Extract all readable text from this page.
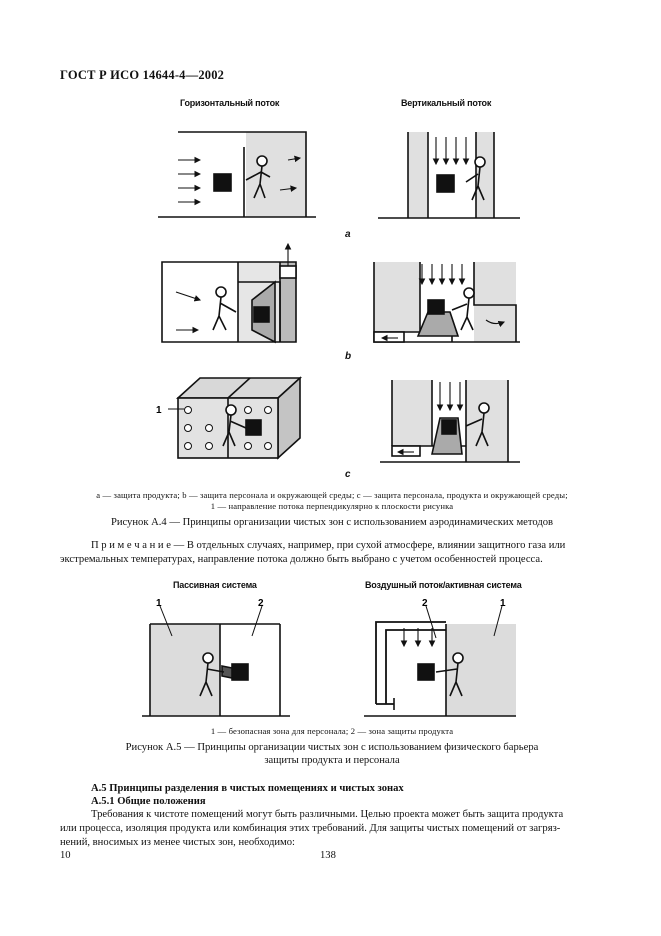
ГОСТ Р ИСО 14644-4—2002
Горизонтальный поток	Вертикальный поток
1
a
b
c
a — защита продукта; b — защита персонала и окружающей среды; c — защита персонала, продукта и окружающей среды;
1 — направление потока перпендикулярно к плоскости рисунка
Рисунок А.4 — Принципы организации чистых зон с использованием аэродинамических методов
П р и м е ч а н и е — В отдельных случаях, например, при сухой атмосфере, влиянии защитного газа или
экстремальных температурах, направление потока должно быть выбрано с учетом особенностей процесса.
Пассивная система	Воздушный поток/активная система
1	2	2	1
1 — безопасная зона для персонала; 2 — зона защиты продукта
Рисунок А.5 — Принципы организации чистых зон с использованием физического барьера
защиты продукта и персонала
А.5 Принципы разделения в чистых помещениях и чистых зонах
А.5.1 Общие положения
Требования к чистоте помещений могут быть различными. Целью проекта может быть защита продукта
или процесса, изоляция продукта или комбинация этих требований. Для защиты чистых помещений от загряз-
нений, вносимых из менее чистых зон, необходимо:
10	138
